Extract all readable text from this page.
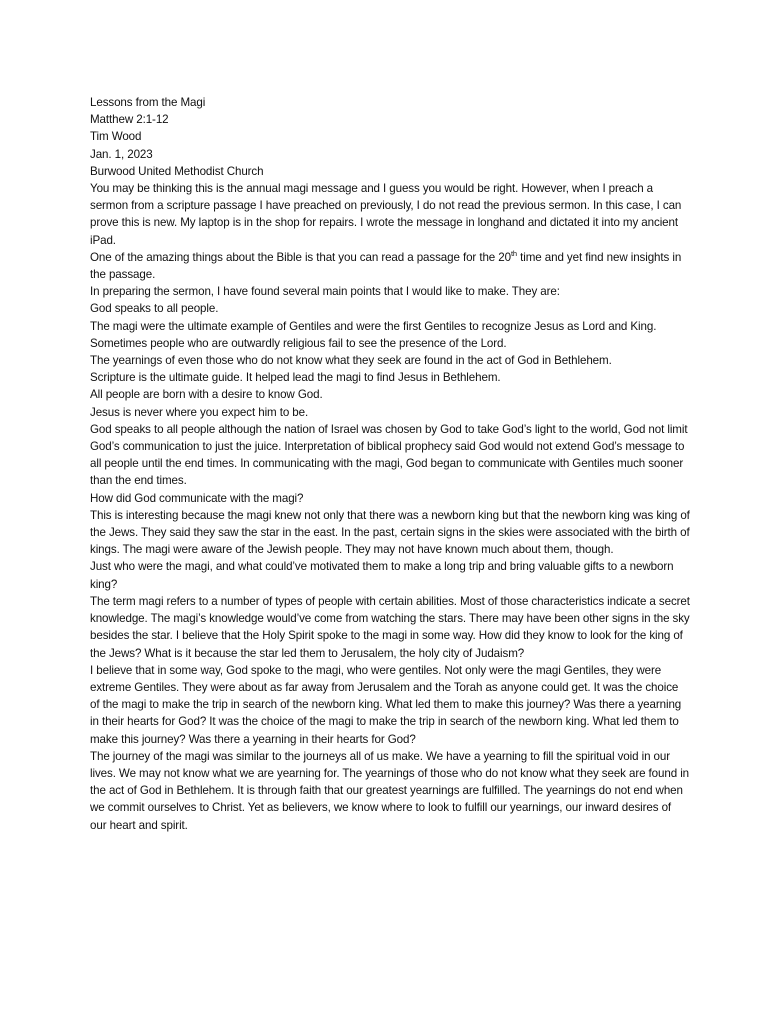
Lessons from the Magi

Matthew 2:1-12

Tim Wood

Jan. 1, 2023

Burwood United Methodist Church

You may be thinking this is the annual magi message and I guess you would be right. However, when I preach a sermon from a scripture passage I have preached on previously, I do not read the previous sermon. In this case, I can prove this is new. My laptop is in the shop for repairs. I wrote the message in longhand and dictated it into my ancient iPad.

One of the amazing things about the Bible is that you can read a passage for the 20th time and yet find new insights in the passage.

In preparing the sermon, I have found several main points that I would like to make. They are:

God speaks to all people.

The magi were the ultimate example of Gentiles and were the first Gentiles to recognize Jesus as Lord and King.

Sometimes people who are outwardly religious fail to see the presence of the Lord.

The yearnings of even those who do not know what they seek are found in the act of God in Bethlehem.

Scripture is the ultimate guide. It helped lead the magi to find Jesus in Bethlehem.

All people are born with a desire to know God.

Jesus is never where you expect him to be.

God speaks to all people although the nation of Israel was chosen by God to take God’s light to the world, God not limit God’s communication to just the juice. Interpretation of biblical prophecy said God would not extend God’s message to all people until the end times. In communicating with the magi, God began to communicate with Gentiles much sooner than the end times.

How did God communicate with the magi?

This is interesting because the magi knew not only that there was a newborn king but that the newborn king was king of the Jews. They said they saw the star in the east. In the past, certain signs in the skies were associated with the birth of kings. The magi were aware of the Jewish people. They may not have known much about them, though.

Just who were the magi, and what could’ve motivated them to make a long trip and bring valuable gifts to a newborn king?

The term magi refers to a number of types of people with certain abilities. Most of those characteristics indicate a secret knowledge. The magi’s knowledge would’ve come from watching the stars. There may have been other signs in the sky besides the star. I believe that the Holy Spirit spoke to the magi in some way. How did they know to look for the king of the Jews? What is it because the star led them to Jerusalem, the holy city of Judaism?

I believe that in some way, God spoke to the magi, who were gentiles. Not only were the magi Gentiles, they were extreme Gentiles. They were about as far away from Jerusalem and the Torah as anyone could get. It was the choice of the magi to make the trip in search of the newborn king. What led them to make this journey? Was there a yearning in their hearts for God? It was the choice of the magi to make the trip in search of the newborn king. What led them to make this journey? Was there a yearning in their hearts for God?

The journey of the magi was similar to the journeys all of us make. We have a yearning to fill the spiritual void in our lives. We may not know what we are yearning for. The yearnings of those who do not know what they seek are found in the act of God in Bethlehem. It is through faith that our greatest yearnings are fulfilled. The yearnings do not end when we commit ourselves to Christ. Yet as believers, we know where to look to fulfill our yearnings, our inward desires of our heart and spirit.
